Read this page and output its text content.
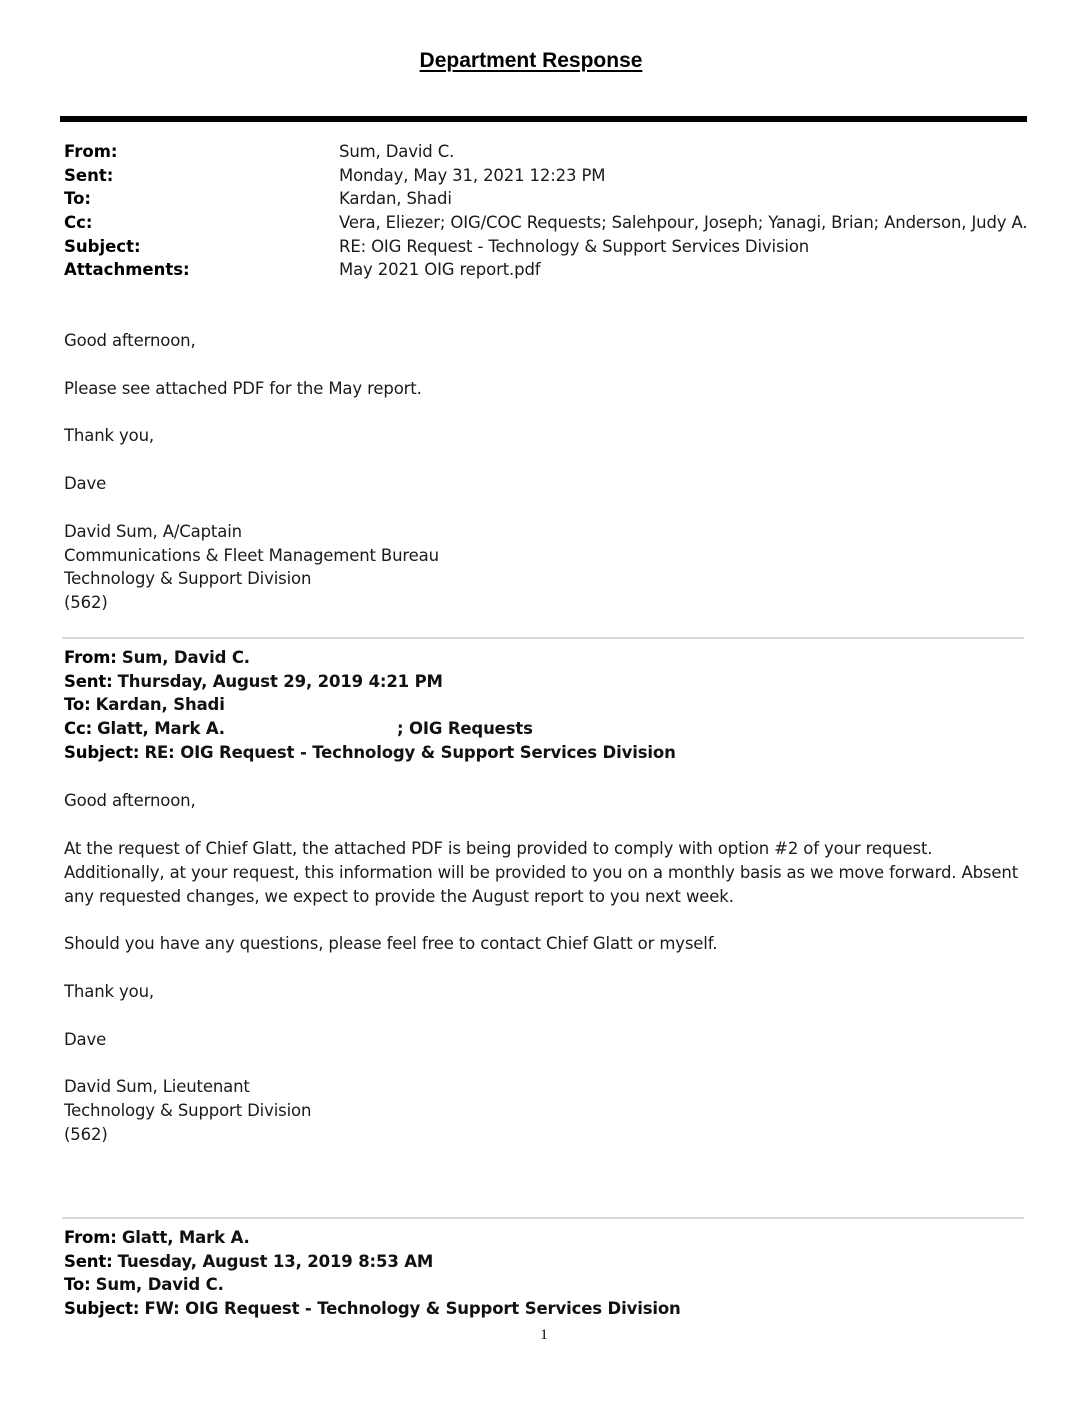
Department Response
From:	Sum, David C.
Sent:	Monday, May 31, 2021 12:23 PM
To:	Kardan, Shadi
Cc:	Vera, Eliezer; OIG/COC Requests; Salehpour, Joseph; Yanagi, Brian; Anderson, Judy A.
Subject:	RE: OIG Request - Technology & Support Services Division
Attachments:	May 2021 OIG report.pdf
Good afternoon,
Please see attached PDF for the May report.
Thank you,
Dave
David Sum, A/Captain
Communications & Fleet Management Bureau
Technology & Support Division
(562)
From: Sum, David C.
Sent: Thursday, August 29, 2019 4:21 PM
To: Kardan, Shadi
Cc: Glatt, Mark A.	; OIG Requests
Subject: RE: OIG Request - Technology & Support Services Division
Good afternoon,
At the request of Chief Glatt, the attached PDF is being provided to comply with option #2 of your request. Additionally, at your request, this information will be provided to you on a monthly basis as we move forward. Absent any requested changes, we expect to provide the August report to you next week.
Should you have any questions, please feel free to contact Chief Glatt or myself.
Thank you,
Dave
David Sum, Lieutenant
Technology & Support Division
(562)
From: Glatt, Mark A.
Sent: Tuesday, August 13, 2019 8:53 AM
To: Sum, David C.
Subject: FW: OIG Request - Technology & Support Services Division
1
